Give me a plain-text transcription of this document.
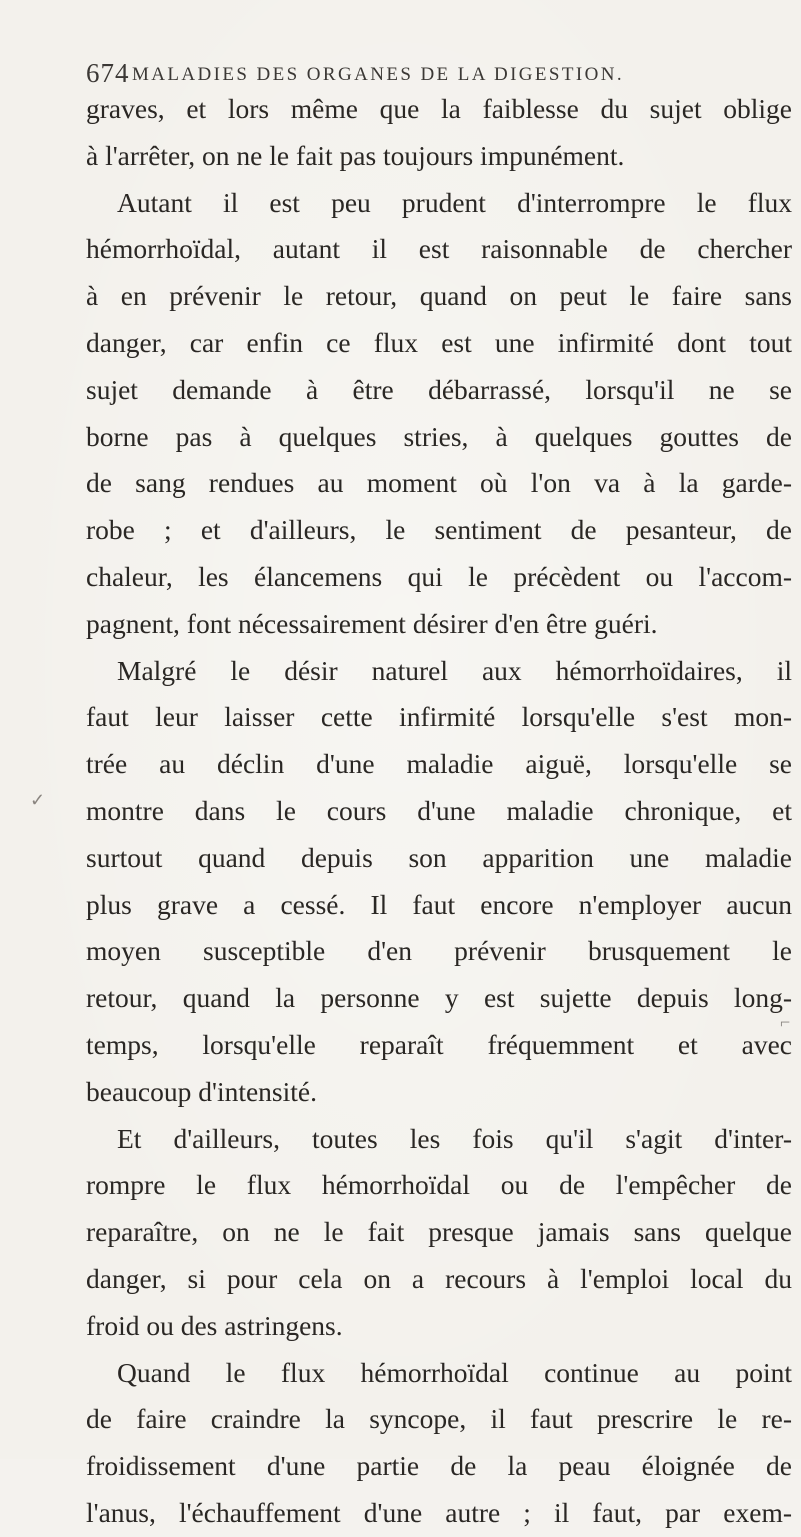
674 MALADIES DES ORGANES DE LA DIGESTION.
graves, et lors même que la faiblesse du sujet oblige
à l'arrêter, on ne le fait pas toujours impunément.
Autant il est peu prudent d'interrompre le flux
hémorrhoïdal, autant il est raisonnable de chercher
à en prévenir le retour, quand on peut le faire sans
danger, car enfin ce flux est une infirmité dont tout
sujet demande à être débarrassé, lorsqu'il ne se
borne pas à quelques stries, à quelques gouttes de
de sang rendues au moment où l'on va à la garde-
robe ; et d'ailleurs, le sentiment de pesanteur, de
chaleur, les élancemens qui le précèdent ou l'accom-
pagnent, font nécessairement désirer d'en être guéri.
Malgré le désir naturel aux hémorrhoïdaires, il
faut leur laisser cette infirmité lorsqu'elle s'est mon-
trée au déclin d'une maladie aiguë, lorsqu'elle se
montre dans le cours d'une maladie chronique, et
surtout quand depuis son apparition une maladie
plus grave a cessé. Il faut encore n'employer aucun
moyen susceptible d'en prévenir brusquement le
retour, quand la personne y est sujette depuis long-
temps, lorsqu'elle reparaît fréquemment et avec
beaucoup d'intensité.
Et d'ailleurs, toutes les fois qu'il s'agit d'inter-
rompre le flux hémorrhoïdal ou de l'empêcher de
reparaître, on ne le fait presque jamais sans quelque
danger, si pour cela on a recours à l'emploi local du
froid ou des astringens.
Quand le flux hémorrhoïdal continue au point
de faire craindre la syncope, il faut prescrire le re-
froidissement d'une partie de la peau éloignée de
l'anus, l'échauffement d'une autre ; il faut, par exem-
✓
⌐
